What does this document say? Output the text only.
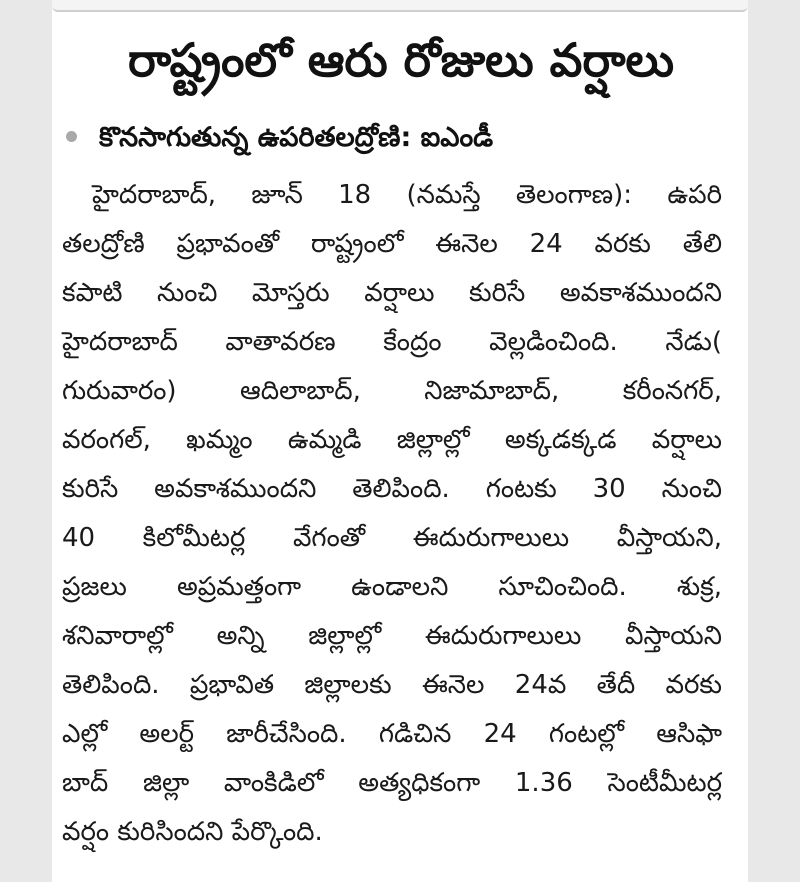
రాష్ట్రంలో ఆరు రోజులు వర్షాలు
కొనసాగుతున్న ఉపరితలద్రోణి: ఐఎండీ
హైదరాబాద్, జూన్ 18 (నమస్తే తెలంగాణ): ఉపరి
తలద్రోణి ప్రభావంతో రాష్ట్రంలో ఈనెల 24 వరకు తేలి
కపాటి నుంచి మోస్తరు వర్షాలు కురిసే అవకాశముందని
హైదరాబాద్ వాతావరణ కేంద్రం వెల్లడించింది. నేడు(
గురువారం) ఆదిలాబాద్, నిజామాబాద్, కరీంనగర్,
వరంగల్, ఖమ్మం ఉమ్మడి జిల్లాల్లో అక్కడక్కడ వర్షాలు
కురిసే అవకాశముందని తెలిపింది. గంటకు 30 నుంచి
40 కిలోమీటర్ల వేగంతో ఈదురుగాలులు వీస్తాయని,
ప్రజలు అప్రమత్తంగా ఉండాలని సూచించింది. శుక్ర,
శనివారాల్లో అన్ని జిల్లాల్లో ఈదురుగాలులు వీస్తాయని
తెలిపింది. ప్రభావిత జిల్లాలకు ఈనెల 24వ తేదీ వరకు
ఎల్లో అలర్ట్ జారీచేసింది. గడిచిన 24 గంటల్లో ఆసిఫా
బాద్ జిల్లా వాంకిడిలో అత్యధికంగా 1.36 సెంటీమీటర్ల
వర్షం కురిసిందని పేర్కొంది.
